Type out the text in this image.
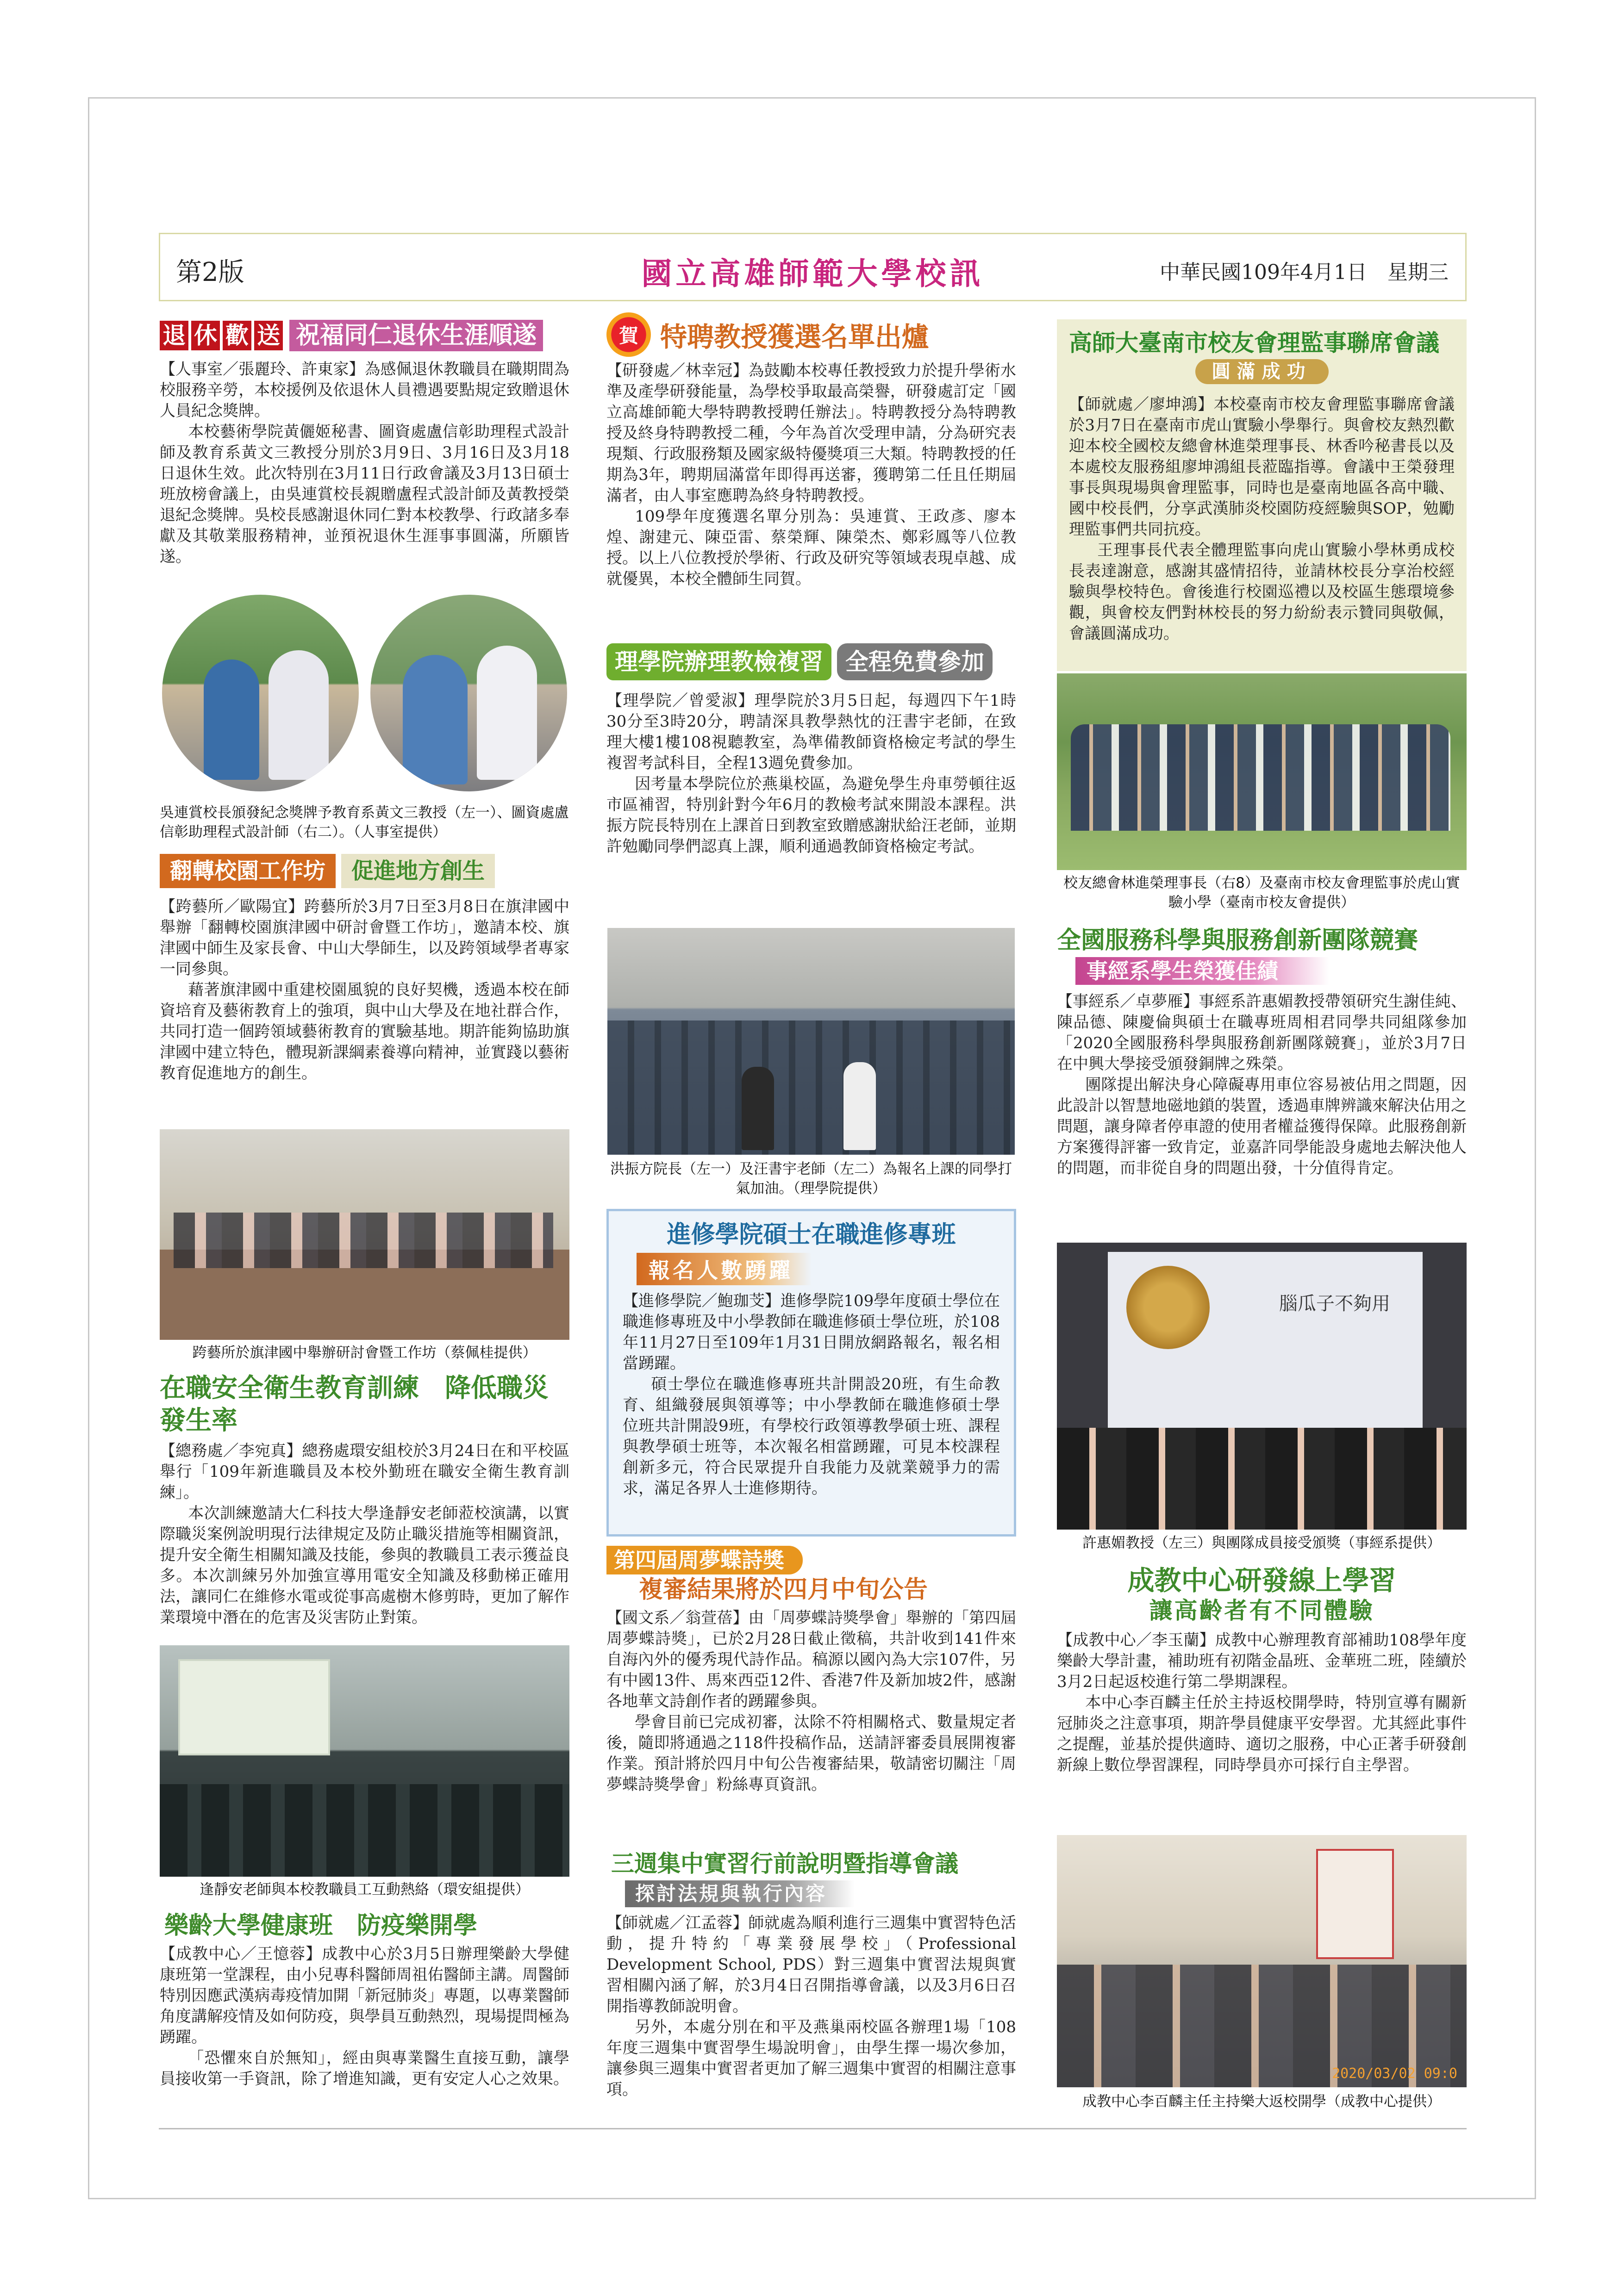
第2版	國立高雄師範大學校訊	中華民國109年4月1日　星期三
退 休 歡 送 祝福同仁退休生涯順遂

【人事室／張麗玲、許東家】為感佩退休教職員在職期間為校服務辛勞，本校援例及依退休人員禮遇要點規定致贈退休人員紀念獎牌。

本校藝術學院黃儷姬秘書、圖資處盧信彰助理程式設計師及教育系黃文三教授分別於3月9日、3月16日及3月18日退休生效。此次特別在3月11日行政會議及3月13日碩士班放榜會議上，由吳連賞校長親贈盧程式設計師及黃教授榮退紀念獎牌。吳校長感謝退休同仁對本校教學、行政諸多奉獻及其敬業服務精神，並預祝退休生涯事事圓滿，所願皆遂。

吳連賞校長頒發紀念獎牌予教育系黃文三教授（左一）、圖資處盧信彰助理程式設計師（右二）。（人事室提供）
翻轉校園工作坊	促進地方創生

【跨藝所／歐陽宜】跨藝所於3月7日至3月8日在旗津國中舉辦「翻轉校園旗津國中研討會暨工作坊」，邀請本校、旗津國中師生及家長會、中山大學師生，以及跨領域學者專家一同參與。

藉著旗津國中重建校園風貌的良好契機，透過本校在師資培育及藝術教育上的強項，與中山大學及在地社群合作，共同打造一個跨領域藝術教育的實驗基地。期許能夠協助旗津國中建立特色，體現新課綱素養導向精神，並實踐以藝術教育促進地方的創生。

跨藝所於旗津國中舉辦研討會暨工作坊（蔡佩桂提供）
在職安全衛生教育訓練　降低職災發生率

【總務處／李宛真】總務處環安組校於3月24日在和平校區舉行「109年新進職員及本校外勤班在職安全衛生教育訓練」。

本次訓練邀請大仁科技大學逢靜安老師蒞校演講，以實際職災案例說明現行法律規定及防止職災措施等相關資訊，提升安全衛生相關知識及技能，參與的教職員工表示獲益良多。本次訓練另外加強宣導用電安全知識及移動梯正確用法，讓同仁在維修水電或從事高處樹木修剪時，更加了解作業環境中潛在的危害及災害防止對策。

逢靜安老師與本校教職員工互動熱絡（環安組提供）
樂齡大學健康班　防疫樂開學

【成教中心／王憶蓉】成教中心於3月5日辦理樂齡大學健康班第一堂課程，由小兒專科醫師周祖佑醫師主講。周醫師特別因應武漢病毒疫情加開「新冠肺炎」專題，以專業醫師角度講解疫情及如何防疫，與學員互動熱烈，現場提問極為踴躍。

「恐懼來自於無知」，經由與專業醫生直接互動，讓學員接收第一手資訊，除了增進知識，更有安定人心之效果。

賀 特聘教授獲選名單出爐

【研發處／林幸冠】為鼓勵本校專任教授致力於提升學術水準及產學研發能量，為學校爭取最高榮譽，研發處訂定「國立高雄師範大學特聘教授聘任辦法」。特聘教授分為特聘教授及終身特聘教授二種，今年為首次受理申請，分為研究表現類、行政服務類及國家級特優獎項三大類。特聘教授的任期為3年，聘期屆滿當年即得再送審，獲聘第二任且任期屆滿者，由人事室應聘為終身特聘教授。

109學年度獲選名單分別為：吳連賞、王政彥、廖本煌、謝建元、陳亞雷、蔡榮輝、陳榮杰、鄭彩鳳等八位教授。以上八位教授於學術、行政及研究等領域表現卓越、成就優異，本校全體師生同賀。

理學院辦理教檢複習 全程免費參加

【理學院／曾愛淑】理學院於3月5日起，每週四下午1時30分至3時20分，聘請深具教學熱忱的汪書宇老師，在致理大樓1樓108視聽教室，為準備教師資格檢定考試的學生複習考試科目，全程13週免費參加。

因考量本學院位於燕巢校區，為避免學生舟車勞頓往返市區補習，特別針對今年6月的教檢考試來開設本課程。洪振方院長特別在上課首日到教室致贈感謝狀給汪老師，並期許勉勵同學們認真上課，順利通過教師資格檢定考試。

洪振方院長（左一）及汪書宇老師（左二）為報名上課的同學打氣加油。（理學院提供）
進修學院碩士在職進修專班
報名人數踴躍

【進修學院／鮑珈芠】進修學院109學年度碩士學位在職進修專班及中小學教師在職進修碩士學位班，於108年11月27日至109年1月31日開放網路報名，報名相當踴躍。

碩士學位在職進修專班共計開設20班，有生命教育、組織發展與領導等；中小學教師在職進修碩士學位班共計開設9班，有學校行政領導教學碩士班、課程與教學碩士班等，本次報名相當踴躍，可見本校課程創新多元，符合民眾提升自我能力及就業競爭力的需求，滿足各界人士進修期待。

第四屆周夢蝶詩獎
複審結果將於四月中旬公告

【國文系／翁萱蓓】由「周夢蝶詩獎學會」舉辦的「第四屆周夢蝶詩獎」，已於2月28日截止徵稿，共計收到141件來自海內外的優秀現代詩作品。稿源以國內為大宗107件，另有中國13件、馬來西亞12件、香港7件及新加坡2件，感謝各地華文詩創作者的踴躍參與。

學會目前已完成初審，汰除不符相關格式、數量規定者後，隨即將通過之118件投稿作品，送請評審委員展開複審作業。預計將於四月中旬公告複審結果，敬請密切關注「周夢蝶詩獎學會」粉絲專頁資訊。

三週集中實習行前說明暨指導會議
探討法規與執行內容

【師就處／江孟蓉】師就處為順利進行三週集中實習特色活動，提升特約「專業發展學校」（Professional Development School, PDS）對三週集中實習法規與實習相關內涵了解，於3月4日召開指導會議，以及3月6日召開指導教師說明會。

另外，本處分別在和平及燕巢兩校區各辦理1場「108年度三週集中實習學生場說明會」，由學生擇一場次參加，讓參與三週集中實習者更加了解三週集中實習的相關注意事項。

高師大臺南市校友會理監事聯席會議
圓滿成功

【師就處／廖坤鴻】本校臺南市校友會理監事聯席會議於3月7日在臺南市虎山實驗小學舉行。與會校友熱烈歡迎本校全國校友總會林進榮理事長、林香吟秘書長以及本處校友服務組廖坤鴻組長蒞臨指導。會議中王榮發理事長與現場與會理監事，同時也是臺南地區各高中職、國中校長們，分享武漢肺炎校園防疫經驗與SOP，勉勵理監事們共同抗疫。

王理事長代表全體理監事向虎山實驗小學林勇成校長表達謝意，感謝其盛情招待，並請林校長分享治校經驗與學校特色。會後進行校園巡禮以及校區生態環境參觀，與會校友們對林校長的努力紛紛表示贊同與敬佩，會議圓滿成功。

校友總會林進榮理事長（右8）及臺南市校友會理監事於虎山實驗小學（臺南市校友會提供）
全國服務科學與服務創新團隊競賽
事經系學生榮獲佳績

【事經系／卓夢雁】事經系許惠媚教授帶領研究生謝佳純、陳品德、陳慶倫與碩士在職專班周相君同學共同組隊參加「2020全國服務科學與服務創新團隊競賽」，並於3月7日在中興大學接受頒發銅牌之殊榮。

團隊提出解決身心障礙專用車位容易被佔用之問題，因此設計以智慧地磁地鎖的裝置，透過車牌辨識來解決佔用之問題，讓身障者停車證的使用者權益獲得保障。此服務創新方案獲得評審一致肯定，並嘉許同學能設身處地去解決他人的問題，而非從自身的問題出發，十分值得肯定。

腦瓜子不夠用
許惠媚教授（左三）與團隊成員接受頒獎（事經系提供）
成教中心研發線上學習
讓高齡者有不同體驗

【成教中心／李玉蘭】成教中心辦理教育部補助108學年度樂齡大學計畫，補助班有初階金晶班、金華班二班，陸續於3月2日起返校進行第二學期課程。

本中心李百麟主任於主持返校開學時，特別宣導有關新冠肺炎之注意事項，期許學員健康平安學習。尤其經此事件之提醒，並基於提供適時、適切之服務，中心正著手研發創新線上數位學習課程，同時學員亦可採行自主學習。

2020/03/02 09:0
成教中心李百麟主任主持樂大返校開學（成教中心提供）
